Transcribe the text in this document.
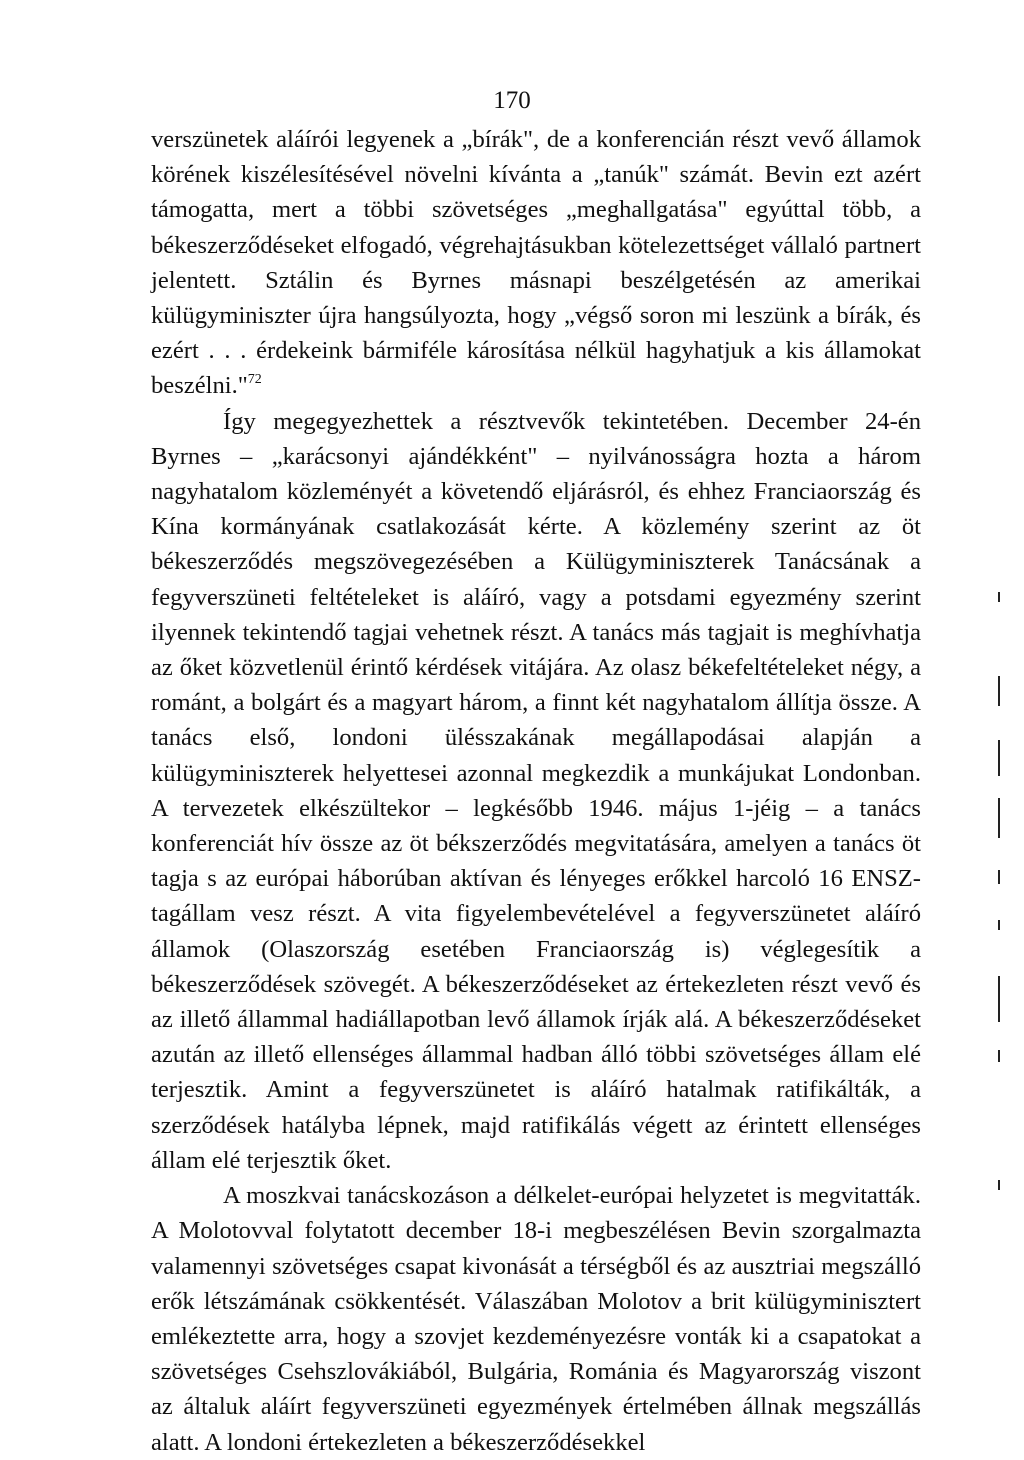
170

verszünetek aláírói legyenek a „bírák", de a konferencián részt vevő államok körének kiszélesítésével növelni kívánta a „tanúk" számát. Bevin ezt azért támogatta, mert a többi szövetséges „meghallgatása" egyúttal több, a békeszerződéseket elfogadó, végrehajtásukban kötelezettséget vállaló partnert jelentett. Sztálin és Byrnes másnapi beszélgetésén az amerikai külügyminiszter újra hangsúlyozta, hogy „végső soron mi leszünk a bírák, és ezért . . . érdekeink bármiféle károsítása nélkül hagyhatjuk a kis államokat beszélni."$^{72}$

Így megegyezhettek a résztvevők tekintetében. December 24-én Byrnes – „karácsonyi ajándékként" – nyilvánosságra hozta a három nagyhatalom közleményét a követendő eljárásról, és ehhez Franciaország és Kína kormányának csatlakozását kérte. A közlemény szerint az öt békeszerződés megszövegezésében a Külügyminiszterek Tanácsának a fegyverszüneti feltételeket is aláíró, vagy a potsdami egyezmény szerint ilyennek tekintendő tagjai vehetnek részt. A tanács más tagjait is meghívhatja az őket közvetlenül érintő kérdések vitájára. Az olasz békefeltételeket négy, a románt, a bolgárt és a magyart három, a finnt két nagyhatalom állítja össze. A tanács első, londoni ülésszakának megállapodásai alapján a külügyminiszterek helyettesei azonnal megkezdik a munkájukat Londonban. A tervezetek elkészültekor – legkésőbb 1946. május 1-jéig – a tanács konferenciát hív össze az öt békszerződés megvitatására, amelyen a tanács öt tagja s az európai háborúban aktívan és lényeges erőkkel harcoló 16 ENSZ-tagállam vesz részt. A vita figyelembevételével a fegyverszünetet aláíró államok (Olaszország esetében Franciaország is) véglegesítik a békeszerződések szövegét. A békeszerződéseket az értekezleten részt vevő és az illető állammal hadiállapotban levő államok írják alá. A békeszerződéseket azután az illető ellenséges állammal hadban álló többi szövetséges állam elé terjesztik. Amint a fegyverszünetet is aláíró hatalmak ratifikálták, a szerződések hatályba lépnek, majd ratifikálás végett az érintett ellenséges állam elé terjesztik őket.

A moszkvai tanácskozáson a délkelet-európai helyzetet is megvitatták. A Molotovval folytatott december 18-i megbeszélésen Bevin szorgalmazta valamennyi szövetséges csapat kivonását a térségből és az ausztriai megszálló erők létszámának csökkentését. Válaszában Molotov a brit külügyminisztert emlékeztette arra, hogy a szovjet kezdeményezésre vonták ki a csapatokat a szövetséges Csehszlovákiából, Bulgária, Románia és Magyarország viszont az általuk aláírt fegyverszüneti egyezmények értelmében állnak megszállás alatt. A londoni értekezleten a békeszerződésekkel
